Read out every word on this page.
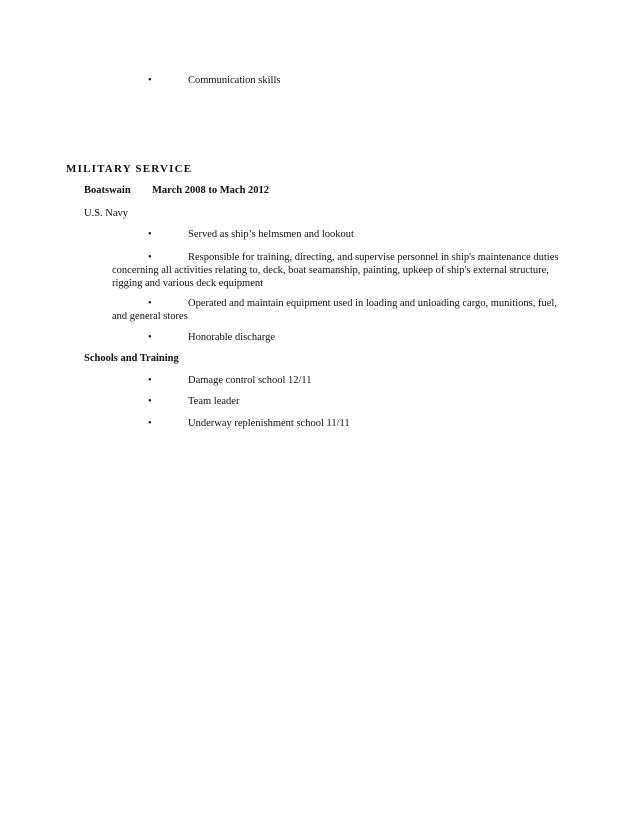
•	Communication skills
MILITARY SERVICE
Boatswain March 2008 to Mach 2012
U.S. Navy
•	Served as ship’s helmsmen and lookout
•	Responsible for training, directing, and supervise personnel in ship's maintenance duties
concerning all activities relating to, deck, boat seamanship, painting, upkeep of ship's external structure,
rigging and various deck equipment
•	Operated and maintain equipment used in loading and unloading cargo, munitions, fuel,
and general stores
•	Honorable discharge
Schools and Training
•	Damage control school 12/11
•	Team leader
•	Underway replenishment school 11/11
